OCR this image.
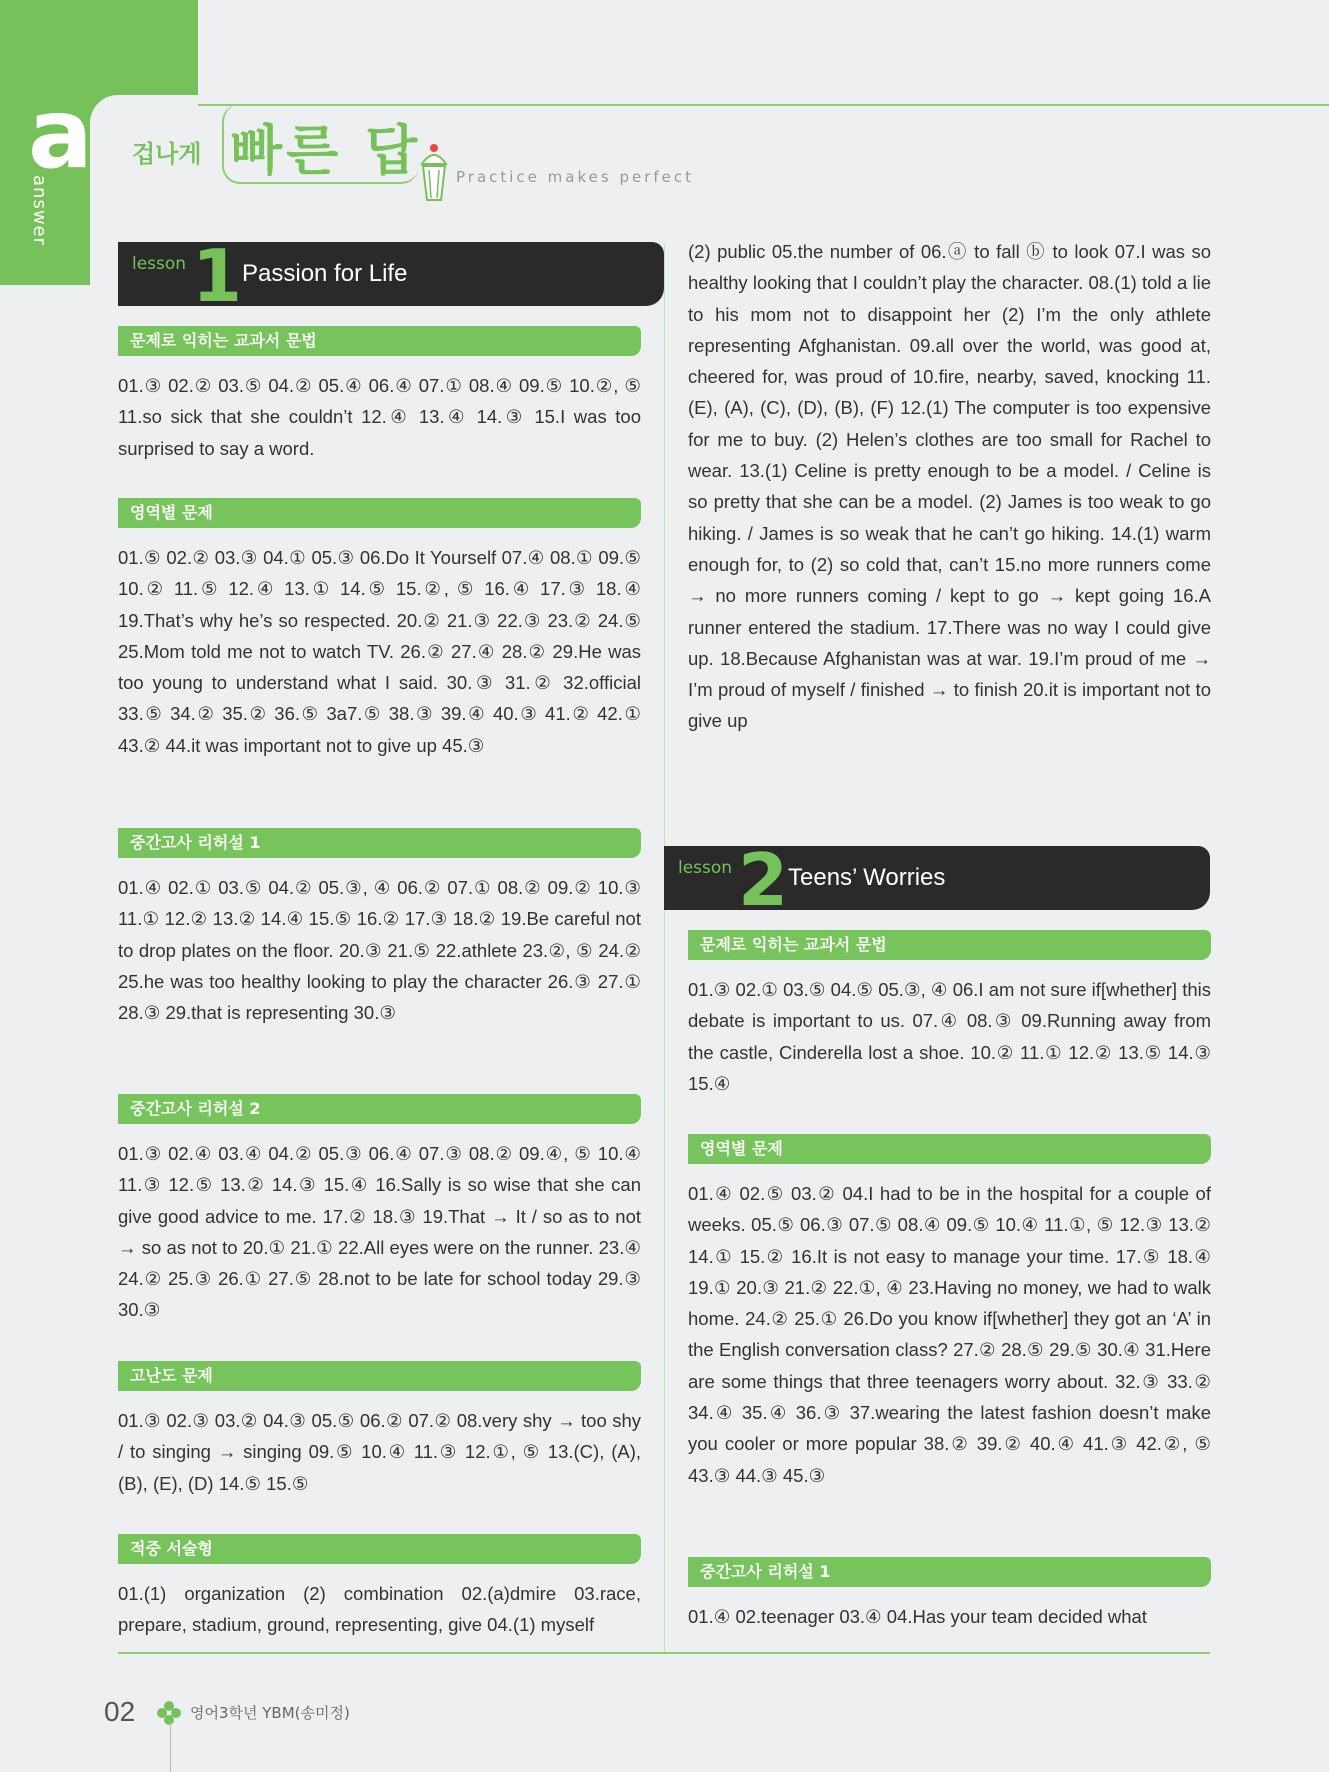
a
answer
겁나게 빠른 답 Practice makes perfect
lesson 1 Passion for Life
문제로 익히는 교과서 문법
01.③ 02.② 03.⑤ 04.② 05.④ 06.④ 07.① 08.④ 09.⑤ 10.②, ⑤ 11.so sick that she couldn’t 12.④ 13.④ 14.③ 15.I was too surprised to say a word.
영역별 문제
01.⑤ 02.② 03.③ 04.① 05.③ 06.Do It Yourself 07.④ 08.① 09.⑤ 10.② 11.⑤ 12.④ 13.① 14.⑤ 15.②, ⑤ 16.④ 17.③ 18.④ 19.That’s why he’s so respected. 20.② 21.③ 22.③ 23.② 24.⑤ 25.Mom told me not to watch TV. 26.② 27.④ 28.② 29.He was too young to understand what I said. 30.③ 31.② 32.official 33.⑤ 34.② 35.② 36.⑤ 3a7.⑤ 38.③ 39.④ 40.③ 41.② 42.① 43.② 44.it was important not to give up 45.③
중간고사 리허설 1
01.④ 02.① 03.⑤ 04.② 05.③, ④ 06.② 07.① 08.② 09.② 10.③ 11.① 12.② 13.② 14.④ 15.⑤ 16.② 17.③ 18.② 19.Be careful not to drop plates on the floor. 20.③ 21.⑤ 22.athlete 23.②, ⑤ 24.② 25.he was too healthy looking to play the character 26.③ 27.① 28.③ 29.that is representing 30.③
중간고사 리허설 2
01.③ 02.④ 03.④ 04.② 05.③ 06.④ 07.③ 08.② 09.④, ⑤ 10.④ 11.③ 12.⑤ 13.② 14.③ 15.④ 16.Sally is so wise that she can give good advice to me. 17.② 18.③ 19.That → It / so as to not → so as not to 20.① 21.① 22.All eyes were on the runner. 23.④ 24.② 25.③ 26.① 27.⑤ 28.not to be late for school today 29.③ 30.③
고난도 문제
01.③ 02.③ 03.② 04.③ 05.⑤ 06.② 07.② 08.very shy → too shy / to singing → singing 09.⑤ 10.④ 11.③ 12.①, ⑤ 13.(C), (A), (B), (E), (D) 14.⑤ 15.⑤
적중 서술형
01.(1) organization (2) combination 02.(a)dmire 03.race, prepare, stadium, ground, representing, give 04.(1) myself
(2) public 05.the number of 06.ⓐ to fall ⓑ to look 07.I was so healthy looking that I couldn’t play the character. 08.(1) told a lie to his mom not to disappoint her (2) I’m the only athlete representing Afghanistan. 09.all over the world, was good at, cheered for, was proud of 10.fire, nearby, saved, knocking 11.(E), (A), (C), (D), (B), (F) 12.(1) The computer is too expensive for me to buy. (2) Helen’s clothes are too small for Rachel to wear. 13.(1) Celine is pretty enough to be a model. / Celine is so pretty that she can be a model. (2) James is too weak to go hiking. / James is so weak that he can’t go hiking. 14.(1) warm enough for, to (2) so cold that, can’t 15.no more runners come → no more runners coming / kept to go → kept going 16.A runner entered the stadium. 17.There was no way I could give up. 18.Because Afghanistan was at war. 19.I’m proud of me → I’m proud of myself / finished → to finish 20.it is important not to give up
lesson 2 Teens’ Worries
문제로 익히는 교과서 문법
01.③ 02.① 03.⑤ 04.⑤ 05.③, ④ 06.I am not sure if[whether] this debate is important to us. 07.④ 08.③ 09.Running away from the castle, Cinderella lost a shoe. 10.② 11.① 12.② 13.⑤ 14.③ 15.④
영역별 문제
01.④ 02.⑤ 03.② 04.I had to be in the hospital for a couple of weeks. 05.⑤ 06.③ 07.⑤ 08.④ 09.⑤ 10.④ 11.①, ⑤ 12.③ 13.② 14.① 15.② 16.It is not easy to manage your time. 17.⑤ 18.④ 19.① 20.③ 21.② 22.①, ④ 23.Having no money, we had to walk home. 24.② 25.① 26.Do you know if[whether] they got an ‘A’ in the English conversation class? 27.② 28.⑤ 29.⑤ 30.④ 31.Here are some things that three teenagers worry about. 32.③ 33.② 34.④ 35.④ 36.③ 37.wearing the latest fashion doesn’t make you cooler or more popular 38.② 39.② 40.④ 41.③ 42.②, ⑤ 43.③ 44.③ 45.③
중간고사 리허설 1
01.④ 02.teenager 03.④ 04.Has your team decided what
02	영어3학년 YBM(송미정)
